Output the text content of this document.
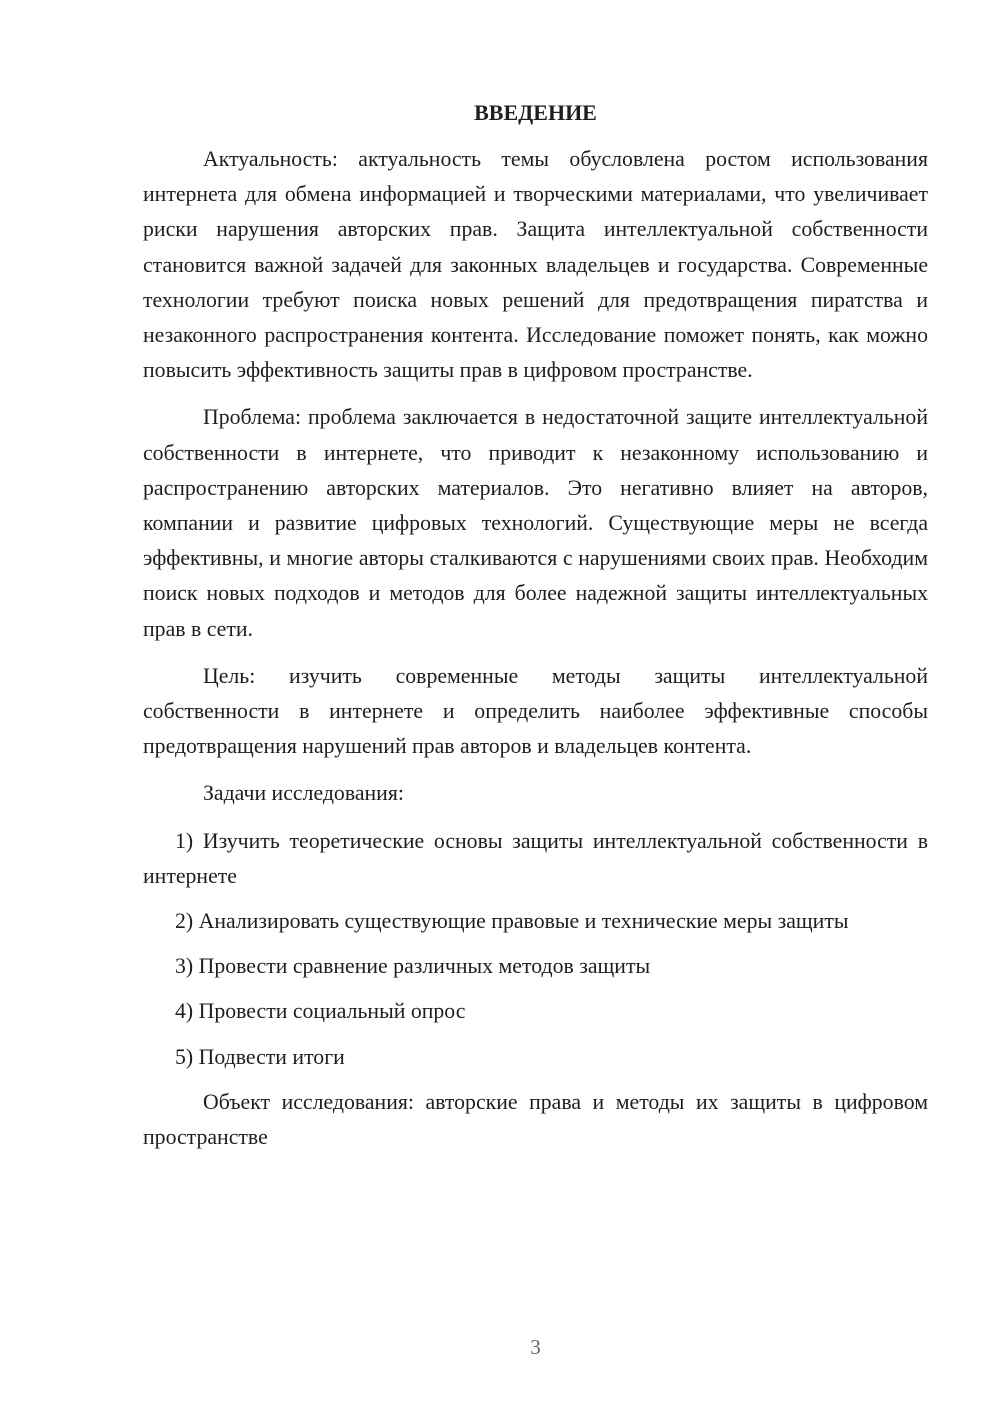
ВВЕДЕНИЕ

Актуальность: актуальность темы обусловлена ростом использования интернета для обмена информацией и творческими материалами, что увеличивает риски нарушения авторских прав. Защита интеллектуальной собственности становится важной задачей для законных владельцев и государства. Современные технологии требуют поиска новых решений для предотвращения пиратства и незаконного распространения контента. Исследование поможет понять, как можно повысить эффективность защиты прав в цифровом пространстве.

Проблема: проблема заключается в недостаточной защите интеллектуальной собственности в интернете, что приводит к незаконному использованию и распространению авторских материалов. Это негативно влияет на авторов, компании и развитие цифровых технологий. Существующие меры не всегда эффективны, и многие авторы сталкиваются с нарушениями своих прав. Необходим поиск новых подходов и методов для более надежной защиты интеллектуальных прав в сети.

Цель: изучить современные методы защиты интеллектуальной собственности в интернете и определить наиболее эффективные способы предотвращения нарушений прав авторов и владельцев контента.

Задачи исследования:

1) Изучить теоретические основы защиты интеллектуальной собственности в интернете

2) Анализировать существующие правовые и технические меры защиты

3) Провести сравнение различных методов защиты

4) Провести социальный опрос

5) Подвести итоги

Объект исследования: авторские права и методы их защиты в цифровом пространстве

3
